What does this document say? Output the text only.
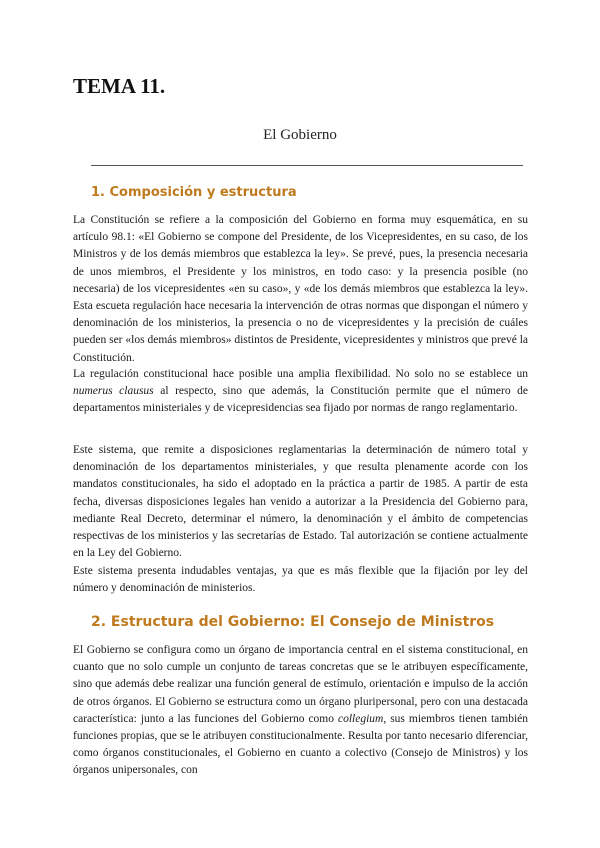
TEMA 11.

El Gobierno

1. Composición y estructura

La Constitución se refiere a la composición del Gobierno en forma muy esquemática, en su artículo 98.1: «El Gobierno se compone del Presidente, de los Vicepresidentes, en su caso, de los Ministros y de los demás miembros que establezca la ley». Se prevé, pues, la presencia necesaria de unos miembros, el Presidente y los ministros, en todo caso: y la presencia posible (no necesaria) de los vicepresidentes «en su caso», y «de los demás miembros que establezca la ley». Esta escueta regulación hace necesaria la intervención de otras normas que dispongan el número y denominación de los ministerios, la presencia o no de vicepresidentes y la precisión de cuáles pueden ser «los demás miembros» distintos de Presidente, vicepresidentes y ministros que prevé la Constitución.

La regulación constitucional hace posible una amplia flexibilidad. No solo no se establece un numerus clausus al respecto, sino que además, la Constitución permite que el número de departamentos ministeriales y de vicepresidencias sea fijado por normas de rango reglamentario.

Este sistema, que remite a disposiciones reglamentarias la determinación de número total y denominación de los departamentos ministeriales, y que resulta plenamente acorde con los mandatos constitucionales, ha sido el adoptado en la práctica a partir de 1985. A partir de esta fecha, diversas disposiciones legales han venido a autorizar a la Presidencia del Gobierno para, mediante Real Decreto, determinar el número, la denominación y el ámbito de competencias respectivas de los ministerios y las secretarías de Estado. Tal autorización se contiene actualmente en la Ley del Gobierno.

Este sistema presenta indudables ventajas, ya que es más flexible que la fijación por ley del número y denominación de ministerios.

2. Estructura del Gobierno: El Consejo de Ministros

El Gobierno se configura como un órgano de importancia central en el sistema constitucional, en cuanto que no solo cumple un conjunto de tareas concretas que se le atribuyen específicamente, sino que además debe realizar una función general de estímulo, orientación e impulso de la acción de otros órganos. El Gobierno se estructura como un órgano pluripersonal, pero con una destacada característica: junto a las funciones del Gobierno como collegium, sus miembros tienen también funciones propias, que se le atribuyen constitucionalmente. Resulta por tanto necesario diferenciar, como órganos constitucionales, el Gobierno en cuanto a colectivo (Consejo de Ministros) y los órganos unipersonales, con
